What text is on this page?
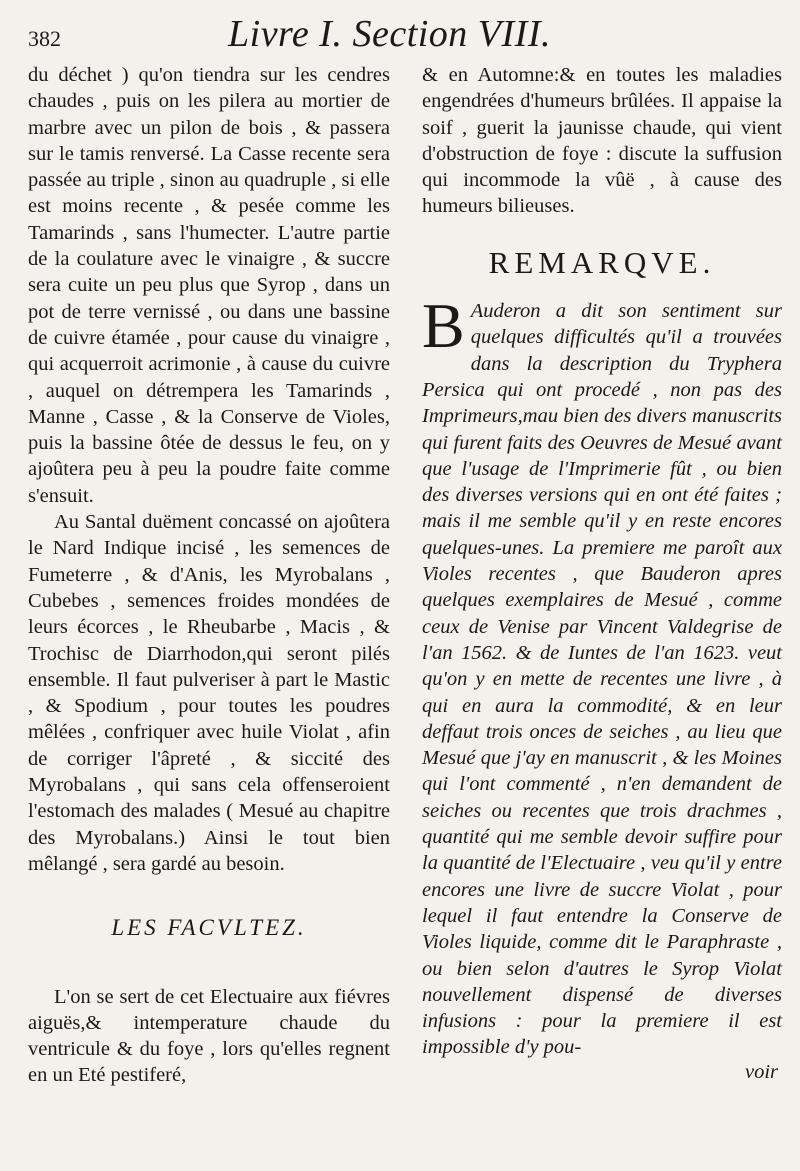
382	Livre I. Section VIII.

du déchet ) qu'on tiendra sur les cendres chaudes , puis on les pilera au mortier de marbre avec un pilon de bois , & passera sur le tamis renversé. La Casse recente sera passée au triple , sinon au quadruple , si elle est moins recente , & pesée comme les Tamarinds , sans l'humecter. L'autre partie de la coulature avec le vinaigre , & succre sera cuite un peu plus que Syrop , dans un pot de terre vernissé , ou dans une bassine de cuivre étamée , pour cause du vinaigre , qui acquerroit acrimonie , à cause du cuivre , auquel on détrempera les Tamarinds , Manne , Casse , & la Conserve de Violes, puis la bassine ôtée de dessus le feu, on y ajoûtera peu à peu la poudre faite comme s'ensuit.

Au Santal duëment concassé on ajoûtera le Nard Indique incisé , les semences de Fumeterre , & d'Anis, les Myrobalans , Cubebes , semences froides mondées de leurs écorces , le Rheubarbe , Macis , & Trochisc de Diarrhodon,qui seront pilés ensemble. Il faut pulveriser à part le Mastic , & Spodium , pour toutes les poudres mêlées , confriquer avec huile Violat , afin de corriger l'âpreté , & siccité des Myrobalans , qui sans cela offenseroient l'estomach des malades ( Mesué au chapitre des Myrobalans.) Ainsi le tout bien mêlangé , sera gardé au besoin.

LES FACVLTEZ.

L'on se sert de cet Electuaire aux fiévres aiguës,& intemperature chaude du ventricule & du foye , lors qu'elles regnent en un Eté pestiferé,

& en Automne:& en toutes les maladies engendrées d'humeurs brûlées. Il appaise la soif , guerit la jaunisse chaude, qui vient d'obstruction de foye : discute la suffusion qui incommode la vûë , à cause des humeurs bilieuses.

REMARQVE.

B Auderon a dit son sentiment sur quelques difficultés qu'il a trouvées dans la description du Tryphera Persica qui ont procedé , non pas des Imprimeurs,mau bien des divers manuscrits qui furent faits des Oeuvres de Mesué avant que l'usage de l'Imprimerie fût , ou bien des diverses versions qui en ont été faites ; mais il me semble qu'il y en reste encores quelques-unes. La premiere me paroît aux Violes recentes , que Bauderon apres quelques exemplaires de Mesué , comme ceux de Venise par Vincent Valdegrise de l'an 1562. & de Iuntes de l'an 1623. veut qu'on y en mette de recentes une livre , à qui en aura la commodité, & en leur deffaut trois onces de seiches , au lieu que Mesué que j'ay en manuscrit , & les Moines qui l'ont commenté , n'en demandent de seiches ou recentes que trois drachmes , quantité qui me semble devoir suffire pour la quantité de l'Electuaire , veu qu'il y entre encores une livre de succre Violat , pour lequel il faut entendre la Conserve de Violes liquide, comme dit le Paraphraste , ou bien selon d'autres le Syrop Violat nouvellement dispensé de diverses infusions : pour la premiere il est impossible d'y pou-

voir
